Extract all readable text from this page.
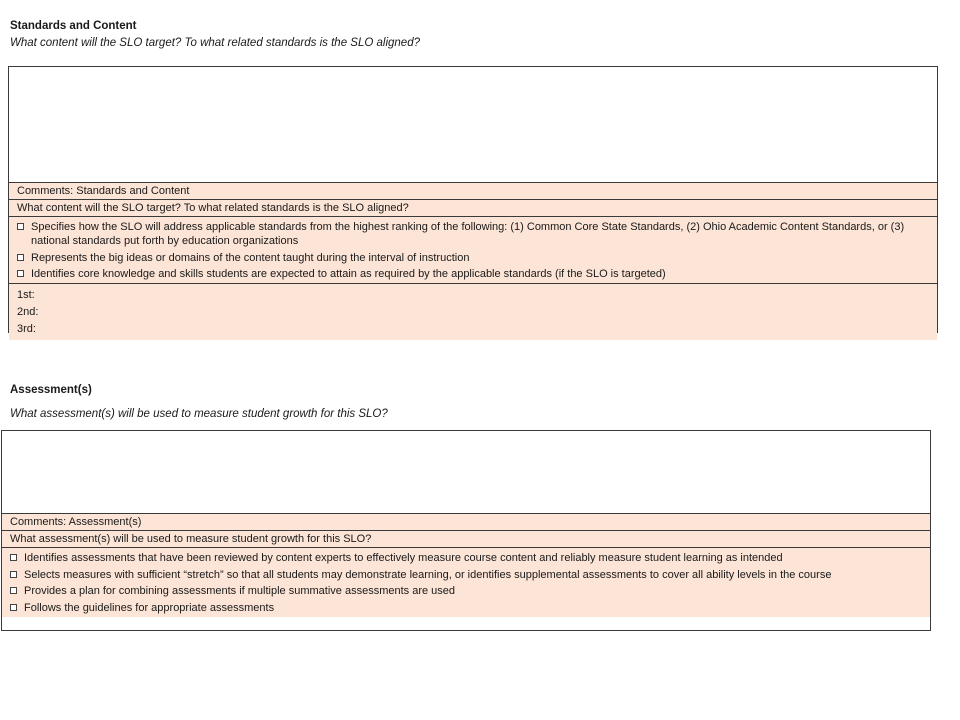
Standards and Content
What content will the SLO target? To what related standards is the SLO aligned?
Comments: Standards and Content
What content will the SLO target? To what related standards is the SLO aligned?
Specifies how the SLO will address applicable standards from the highest ranking of the following: (1) Common Core State Standards, (2) Ohio Academic Content Standards, or (3) national standards put forth by education organizations
Represents the big ideas or domains of the content taught during the interval of instruction
Identifies core knowledge and skills students are expected to attain as required by the applicable standards (if the SLO is targeted)
1st:
2nd:
3rd:
Assessment(s)
What assessment(s) will be used to measure student growth for this SLO?
Comments: Assessment(s)
What assessment(s) will be used to measure student growth for this SLO?
Identifies assessments that have been reviewed by content experts to effectively measure course content and reliably measure student learning as intended
Selects measures with sufficient “stretch” so that all students may demonstrate learning, or identifies supplemental assessments to cover all ability levels in the course
Provides a plan for combining assessments if multiple summative assessments are used
Follows the guidelines for appropriate assessments
